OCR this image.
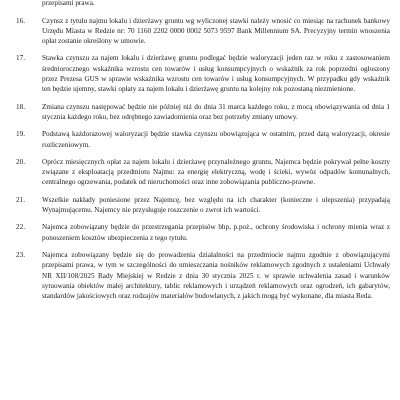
przepisami prawa.
16.	Czynsz z tytułu najmu lokalu i dzierżawy gruntu wg wyliczonej stawki należy wnosić co miesiąc na rachunek bankowy Urzędu Miasta w Redzie nr: 70 1160 2202 0000 0002 5073 9597 Bank Millennium SA. Precyzyjny termin wnoszenia opłat zostanie określony w umowie.
17.	Stawka czynszu za najem lokalu i dzierżawę gruntu podlegać będzie waloryzacji jeden raz w roku z zastosowaniem średniorocznego wskaźnika wzrostu cen towarów i usług konsumpcyjnych o wskaźnik za rok poprzedni ogłoszony przez Prezesa GUS w sprawie wskaźnika wzrostu cen towarów i usług konsumpcyjnych. W przypadku gdy wskaźnik ten będzie ujemny, stawki opłaty za najem lokalu i dzierżawę gruntu na kolejny rok pozostaną niezmienione.
18.	Zmiana czynszu następować będzie nie później niż do dnia 31 marca każdego roku, z mocą obowiązywania od dnia 1 stycznia każdego roku, bez odrębnego zawiadomienia oraz bez potrzeby zmiany umowy.
19.	Podstawą każdorazowej waloryzacji będzie stawka czynszu obowiązująca w ostatnim, przed datą waloryzacji, okresie rozliczeniowym.
20.	Oprócz miesięcznych opłat za najem lokalu i dzierżawę przynależnego gruntu, Najemca będzie pokrywał pełne koszty związane z eksploatacją przedmiotu Najmu: za energię elektryczną, wodę i ścieki, wywóz odpadów komunalnych, centralnego ogrzewania, podatek od nieruchomości oraz inne zobowiązania publiczno-prawne.
21.	Wszelkie nakłady poniesione przez Najemcę, bez względu na ich charakter (konieczne i ulepszenia) przypadają Wynajmującemu. Najemcy nie przysługuje roszczenie o zwrot ich wartości.
22.	Najemca zobowiązany będzie do przestrzegania przepisów bhp, p.poż., ochrony środowiska i ochrony mienia wraz z ponoszeniem kosztów ubezpieczenia z tego tytułu.
23.	Najemca zobowiązany będzie się do prowadzenia działalności na przedmiocie najmu zgodnie z obowiązującymi przepisami prawa, w tym w szczególności do umieszczania nośników reklamowych zgodnych z ustaleniami Uchwały NR XII/108/2025 Rady Miejskiej w Redzie z dnia 30 stycznia 2025 r. w sprawie uchwalenia zasad i warunków sytuowania obiektów małej architektury, tablic reklamowych i urządzeń reklamowych oraz ogrodzeń, ich gabarytów, standardów jakościowych oraz rodzajów materiałów budowlanych, z jakich mogą być wykonane, dla miasta Reda.
